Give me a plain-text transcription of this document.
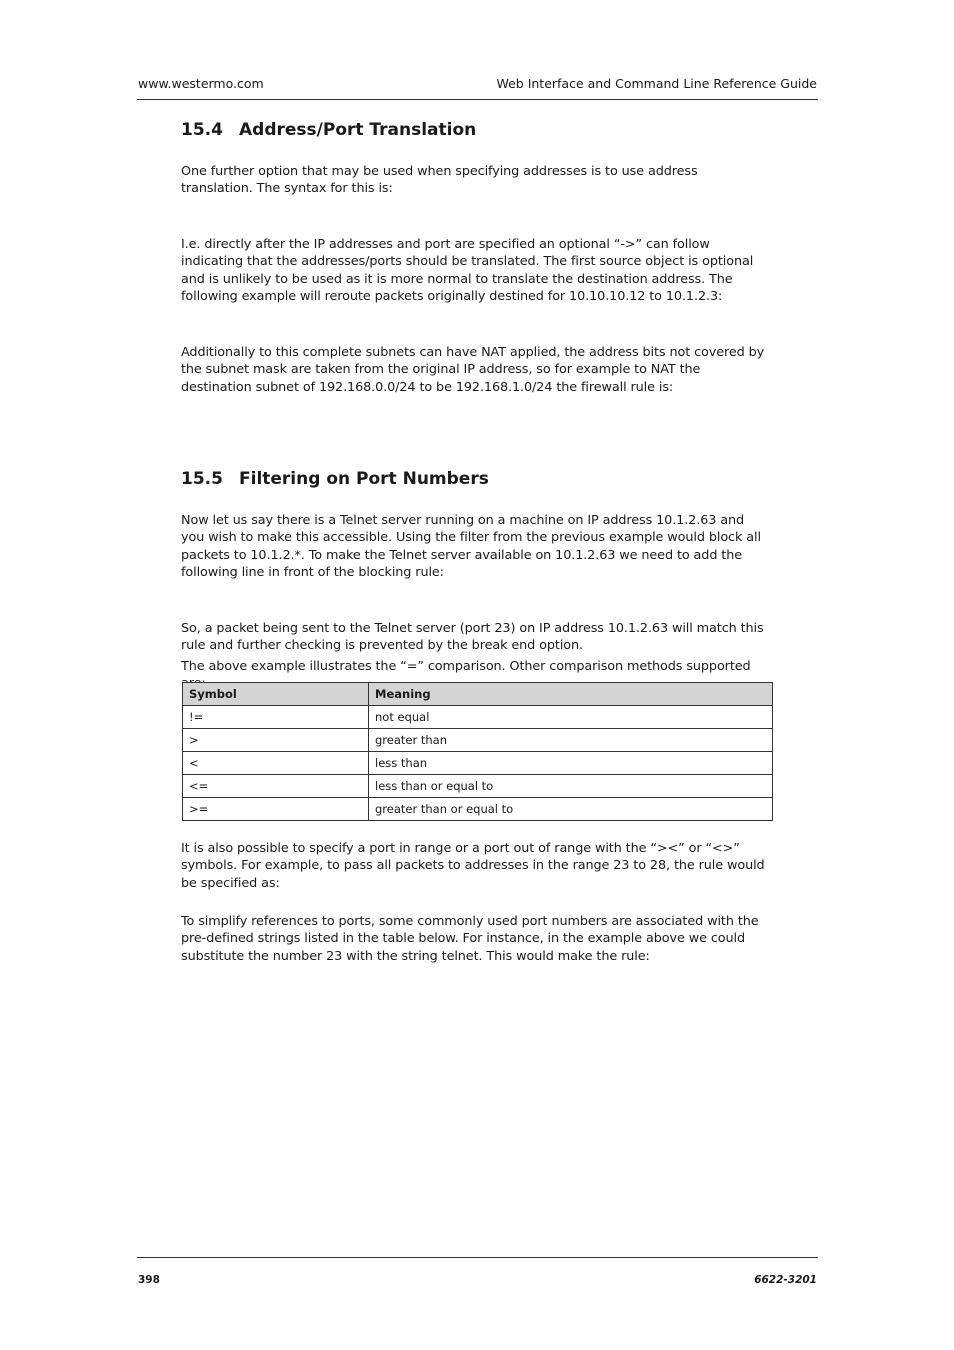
www.westermo.com	Web Interface and Command Line Reference Guide
15.4 Address/Port Translation

One further option that may be used when specifying addresses is to use address translation. The syntax for this is:

I.e. directly after the IP addresses and port are specified an optional “->” can follow indicating that the addresses/ports should be translated. The first source object is optional and is unlikely to be used as it is more normal to translate the destination address. The following example will reroute packets originally destined for 10.10.10.12 to 10.1.2.3:

Additionally to this complete subnets can have NAT applied, the address bits not covered by the subnet mask are taken from the original IP address, so for example to NAT the destination subnet of 192.168.0.0/24 to be 192.168.1.0/24 the firewall rule is:

15.5 Filtering on Port Numbers

Now let us say there is a Telnet server running on a machine on IP address 10.1.2.63 and you wish to make this accessible. Using the filter from the previous example would block all packets to 10.1.2.*. To make the Telnet server available on 10.1.2.63 we need to add the following line in front of the blocking rule:

So, a packet being sent to the Telnet server (port 23) on IP address 10.1.2.63 will match this rule and further checking is prevented by the break end option.

The above example illustrates the “=” comparison. Other comparison methods supported

Symbol	Meaning
!=	not equal
>	greater than
<	less than
<=	less than or equal to
>=	greater than or equal to

It is also possible to specify a port in range or a port out of range with the “><” or “<>” symbols. For example, to pass all packets to addresses in the range 23 to 28, the rule would be specified as:

To simplify references to ports, some commonly used port numbers are associated with the pre-defined strings listed in the table below. For instance, in the example above we could substitute the number 23 with the string telnet. This would make the rule:

398	6622-3201
